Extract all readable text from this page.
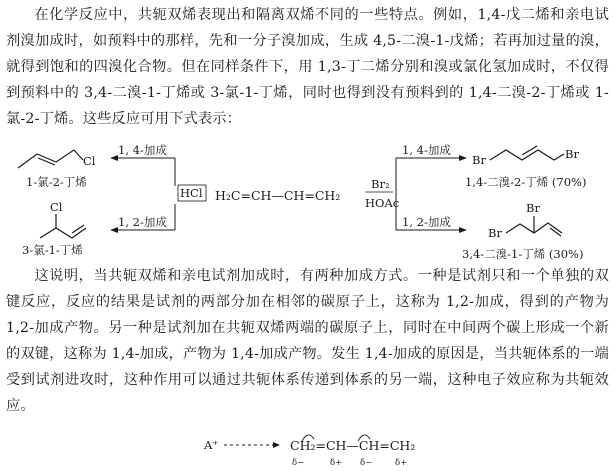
在化学反应中，共轭双烯表现出和隔离双烯不同的一些特点。例如，1,4-戊二烯和亲电试剂溴加成时，如预料中的那样，先和一分子溴加成，生成 4,5-二溴-1-戊烯；若再加过量的溴，就得到饱和的四溴化合物。但在同样条件下，用 1,3-丁二烯分别和溴或氯化氢加成时，不仅得到预料中的 3,4-二溴-1-丁烯或 3-氯-1-丁烯，同时也得到没有预料到的 1,4-二溴-2-丁烯或 1-氯-2-丁烯。这些反应可用下式表示：
Cl
1-氯-2-丁烯
Cl
3-氯-1-丁烯
1, 4-加成
1, 2-加成
HCl H₂C=CH—CH=CH₂
Br₂
HOAc
1, 4-加成
1, 2-加成
Br	Br
1,4-二溴-2-丁烯 (70%)
Br
Br
3,4-二溴-1-丁烯 (30%)
这说明，当共轭双烯和亲电试剂加成时，有两种加成方式。一种是试剂只和一个单独的双键反应，反应的结果是试剂的两部分加在相邻的碳原子上，这称为 1,2-加成，得到的产物为 1,2-加成产物。另一种是试剂加在共轭双烯两端的碳原子上，同时在中间两个碳上形成一个新的双键，这称为 1,4-加成，产物为 1,4-加成产物。发生 1,4-加成的原因是，当共轭体系的一端受到试剂进攻时，这种作用可以通过共轭体系传递到体系的另一端，这种电子效应称为共轭效应。
A⁺	CH₂=CH—CH=CH₂
δ−	δ+ δ−	δ+
